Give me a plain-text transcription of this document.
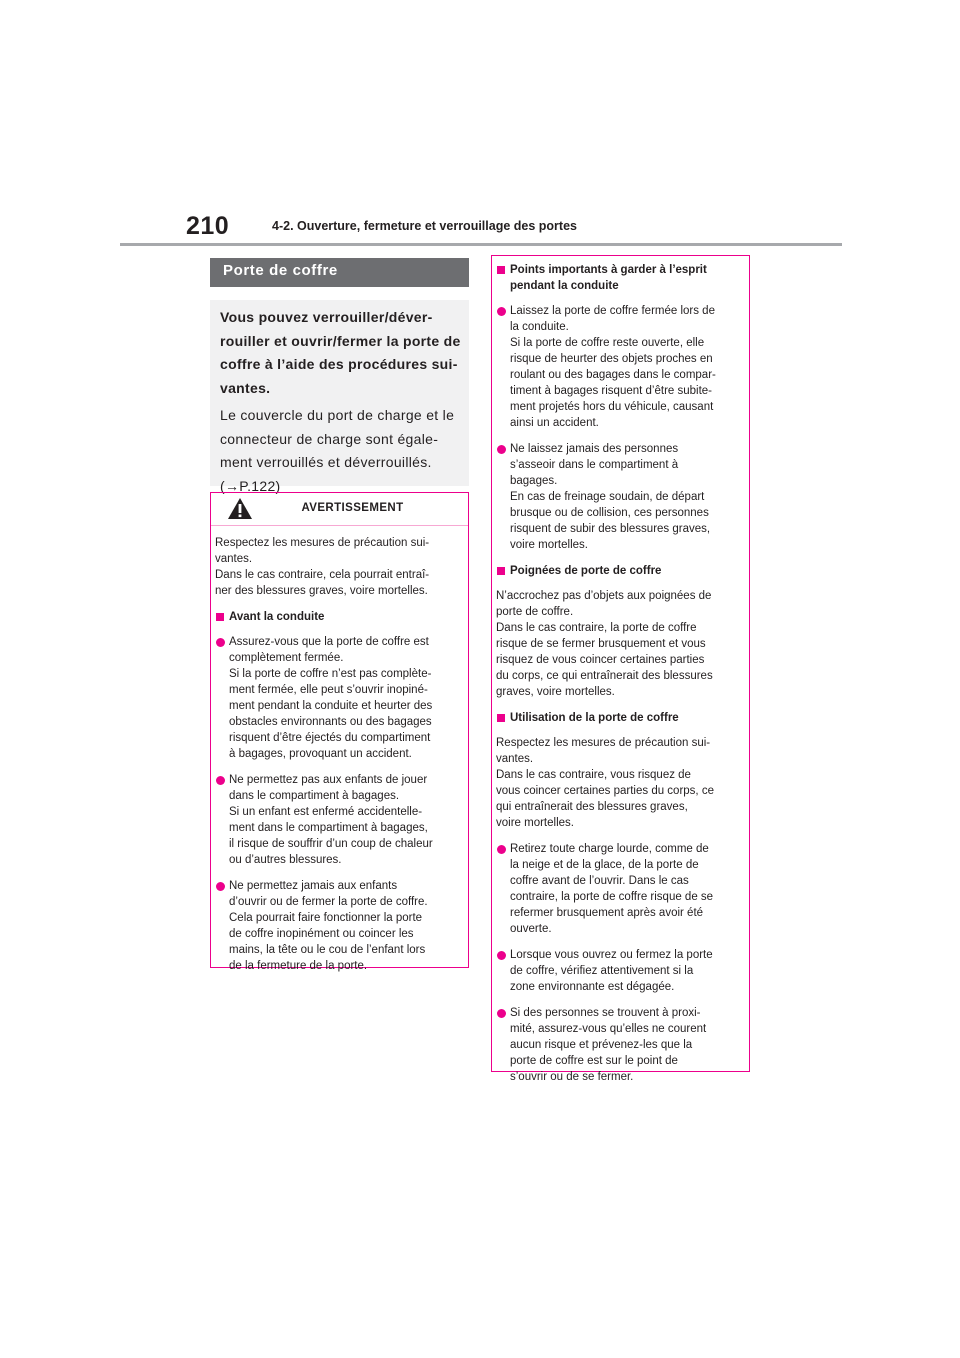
210	4-2. Ouverture, fermeture et verrouillage des portes
Porte de coffre

Vous pouvez verrouiller/déver-
rouiller et ouvrir/fermer la porte de
coffre à l’aide des procédures sui-
vantes.

Le couvercle du port de charge et le
connecteur de charge sont égale-
ment verrouillés et déverrouillés.
(→P.122)

AVERTISSEMENT

Respectez les mesures de précaution sui-
vantes.
Dans le cas contraire, cela pourrait entraî-
ner des blessures graves, voire mortelles.

Avant la conduite

Assurez-vous que la porte de coffre est
complètement fermée.
Si la porte de coffre n’est pas complète-
ment fermée, elle peut s’ouvrir inopiné-
ment pendant la conduite et heurter des
obstacles environnants ou des bagages
risquent d’être éjectés du compartiment
à bagages, provoquant un accident.

Ne permettez pas aux enfants de jouer
dans le compartiment à bagages.
Si un enfant est enfermé accidentelle-
ment dans le compartiment à bagages,
il risque de souffrir d’un coup de chaleur
ou d’autres blessures.

Ne permettez jamais aux enfants
d’ouvrir ou de fermer la porte de coffre.
Cela pourrait faire fonctionner la porte
de coffre inopinément ou coincer les
mains, la tête ou le cou de l’enfant lors
de la fermeture de la porte.

Points importants à garder à l’esprit
pendant la conduite

Laissez la porte de coffre fermée lors de
la conduite.
Si la porte de coffre reste ouverte, elle
risque de heurter des objets proches en
roulant ou des bagages dans le compar-
timent à bagages risquent d’être subite-
ment projetés hors du véhicule, causant
ainsi un accident.

Ne laissez jamais des personnes
s’asseoir dans le compartiment à
bagages.
En cas de freinage soudain, de départ
brusque ou de collision, ces personnes
risquent de subir des blessures graves,
voire mortelles.

Poignées de porte de coffre

N’accrochez pas d’objets aux poignées de
porte de coffre.
Dans le cas contraire, la porte de coffre
risque de se fermer brusquement et vous
risquez de vous coincer certaines parties
du corps, ce qui entraînerait des blessures
graves, voire mortelles.

Utilisation de la porte de coffre

Respectez les mesures de précaution sui-
vantes.
Dans le cas contraire, vous risquez de
vous coincer certaines parties du corps, ce
qui entraînerait des blessures graves,
voire mortelles.

Retirez toute charge lourde, comme de
la neige et de la glace, de la porte de
coffre avant de l’ouvrir. Dans le cas
contraire, la porte de coffre risque de se
refermer brusquement après avoir été
ouverte.

Lorsque vous ouvrez ou fermez la porte
de coffre, vérifiez attentivement si la
zone environnante est dégagée.

Si des personnes se trouvent à proxi-
mité, assurez-vous qu’elles ne courent
aucun risque et prévenez-les que la
porte de coffre est sur le point de
s’ouvrir ou de se fermer.
